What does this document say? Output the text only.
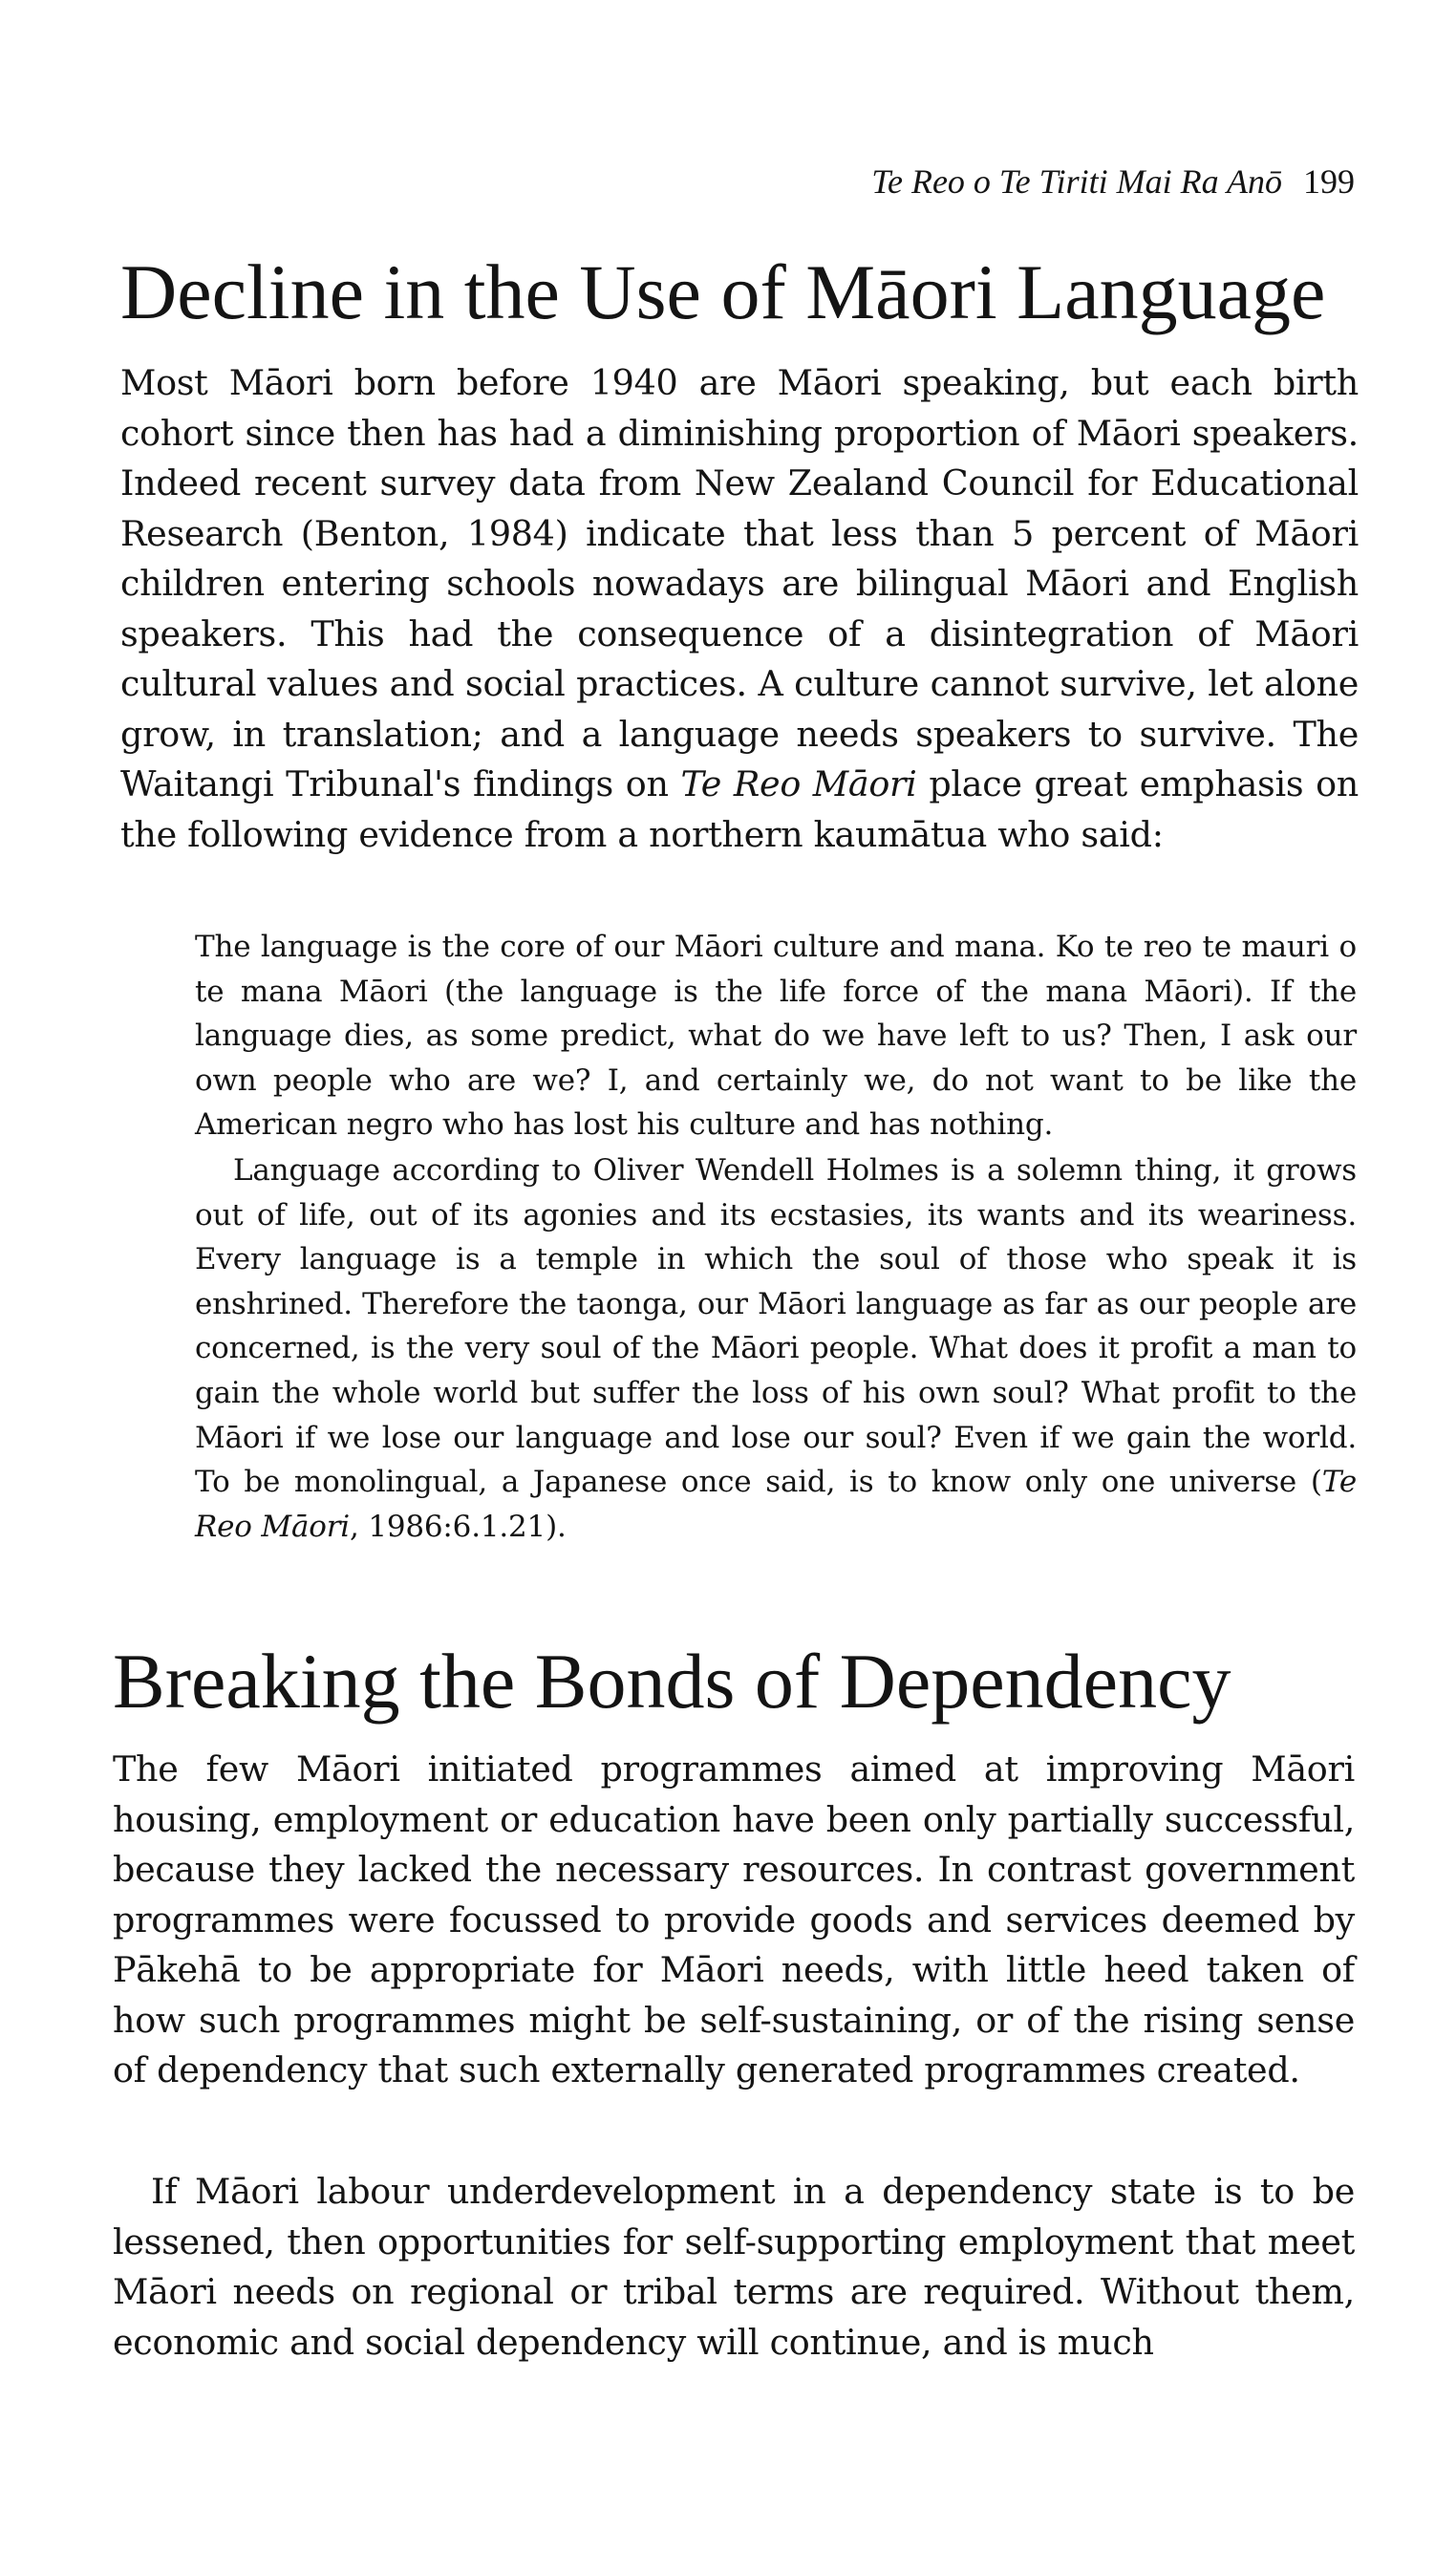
Te Reo o Te Tiriti Mai Ra Anō 199
Decline in the Use of Māori Language

Most Māori born before 1940 are Māori speaking, but each birth cohort since then has had a diminishing proportion of Māori speakers. Indeed recent survey data from New Zealand Council for Educational Research (Benton, 1984) indicate that less than 5 percent of Māori children entering schools nowadays are bilingual Māori and English speakers. This had the consequence of a disintegration of Māori cultural values and social practices. A culture cannot survive, let alone grow, in translation; and a language needs speakers to survive. The Waitangi Tribunal's findings on Te Reo Māori place great emphasis on the following evidence from a northern kaumātua who said:

The language is the core of our Māori culture and mana. Ko te reo te mauri o te mana Māori (the language is the life force of the mana Māori). If the language dies, as some predict, what do we have left to us? Then, I ask our own people who are we? I, and certainly we, do not want to be like the American negro who has lost his culture and has nothing.

Language according to Oliver Wendell Holmes is a solemn thing, it grows out of life, out of its agonies and its ecstasies, its wants and its weariness. Every language is a temple in which the soul of those who speak it is enshrined. Therefore the taonga, our Māori language as far as our people are concerned, is the very soul of the Māori people. What does it profit a man to gain the whole world but suffer the loss of his own soul? What profit to the Māori if we lose our language and lose our soul? Even if we gain the world. To be monolingual, a Japanese once said, is to know only one universe (Te Reo Māori, 1986:6.1.21).

Breaking the Bonds of Dependency

The few Māori initiated programmes aimed at improving Māori housing, employment or education have been only partially successful, because they lacked the necessary resources. In contrast government programmes were focussed to provide goods and services deemed by Pākehā to be appropriate for Māori needs, with little heed taken of how such programmes might be self-sustaining, or of the rising sense of dependency that such externally generated programmes created.

If Māori labour underdevelopment in a dependency state is to be lessened, then opportunities for self-supporting employment that meet Māori needs on regional or tribal terms are required. Without them, economic and social dependency will continue, and is much
